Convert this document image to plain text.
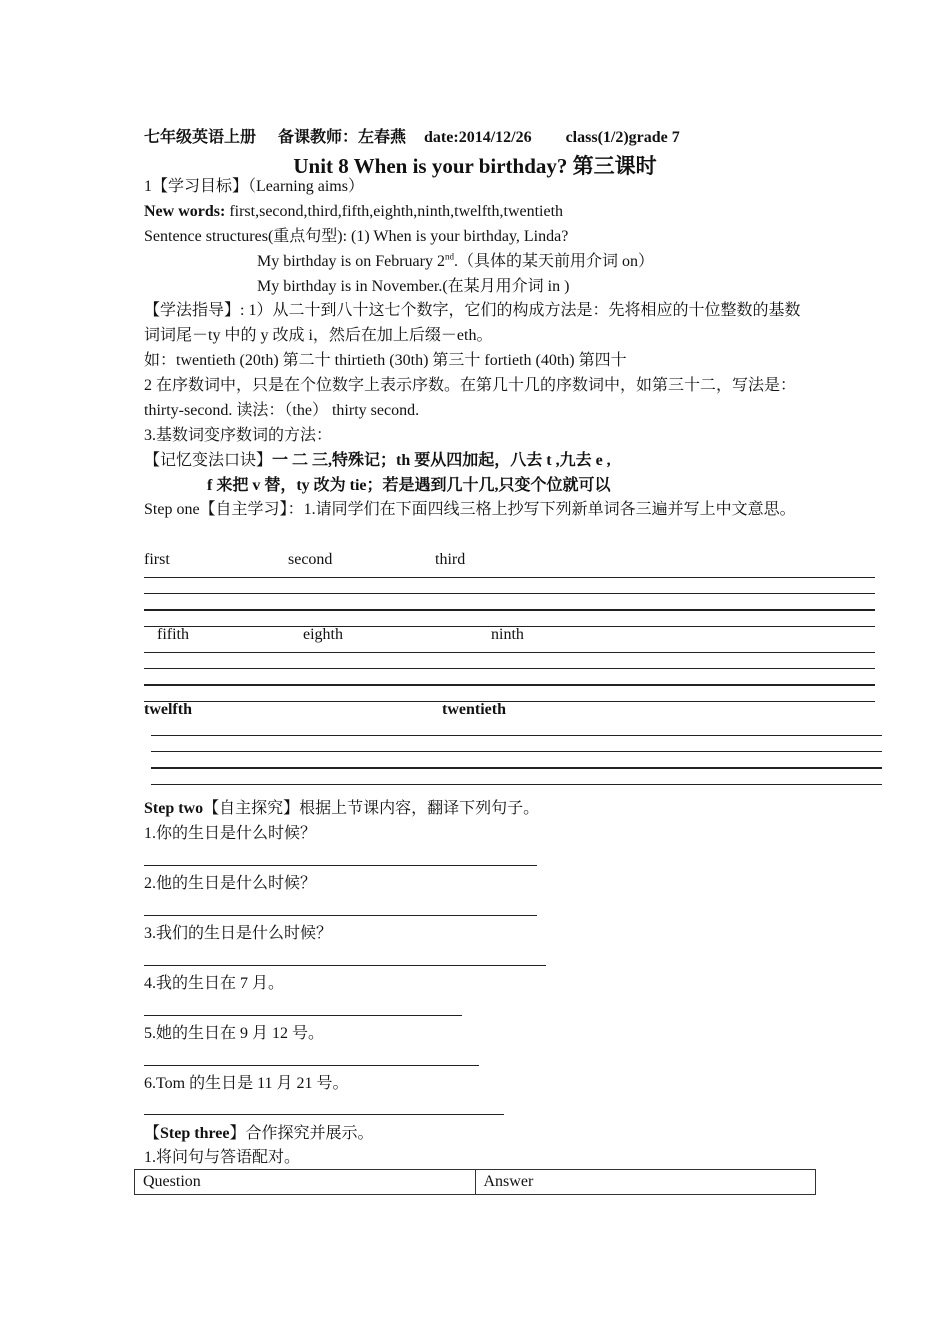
七年级英语上册 备课教师：左春燕 date:2014/12/26 class(1/2)grade 7
Unit 8 When is your birthday? 第三课时
1【学习目标】（Learning aims）
New words: first,second,third,fifth,eighth,ninth,twelfth,twentieth
Sentence structures(重点句型): (1) When is your birthday, Linda?
My birthday is on February 2nd.（具体的某天前用介词 on）
My birthday is in November.(在某月用介词 in )
【学法指导】: 1）从二十到八十这七个数字，它们的构成方法是：先将相应的十位整数的基数
词词尾－ty 中的 y 改成 i，然后在加上后缀－eth。
如：twentieth (20th) 第二十 thirtieth (30th) 第三十 fortieth (40th) 第四十
2 在序数词中，只是在个位数字上表示序数。在第几十几的序数词中，如第三十二，写法是：
thirty-second. 读法：（the） thirty second.
3.基数词变序数词的方法：
【记忆变法口诀】一 二 三,特殊记；th 要从四加起，八去 t ,九去 e ,
f 来把 v 替，ty 改为 tie；若是遇到几十几,只变个位就可以
Step one【自主学习】：1.请同学们在下面四线三格上抄写下列新单词各三遍并写上中文意思。
first	second	third
fifith	eighth	ninth
twelfth	twentieth
Step two【自主探究】根据上节课内容，翻译下列句子。
1.你的生日是什么时候？
2.他的生日是什么时候？
3.我们的生日是什么时候？
4.我的生日在 7 月。
5.她的生日在 9 月 12 号。
6.Tom 的生日是 11 月 21 号。
【Step three】合作探究并展示。
1.将问句与答语配对。
Question	Answer
